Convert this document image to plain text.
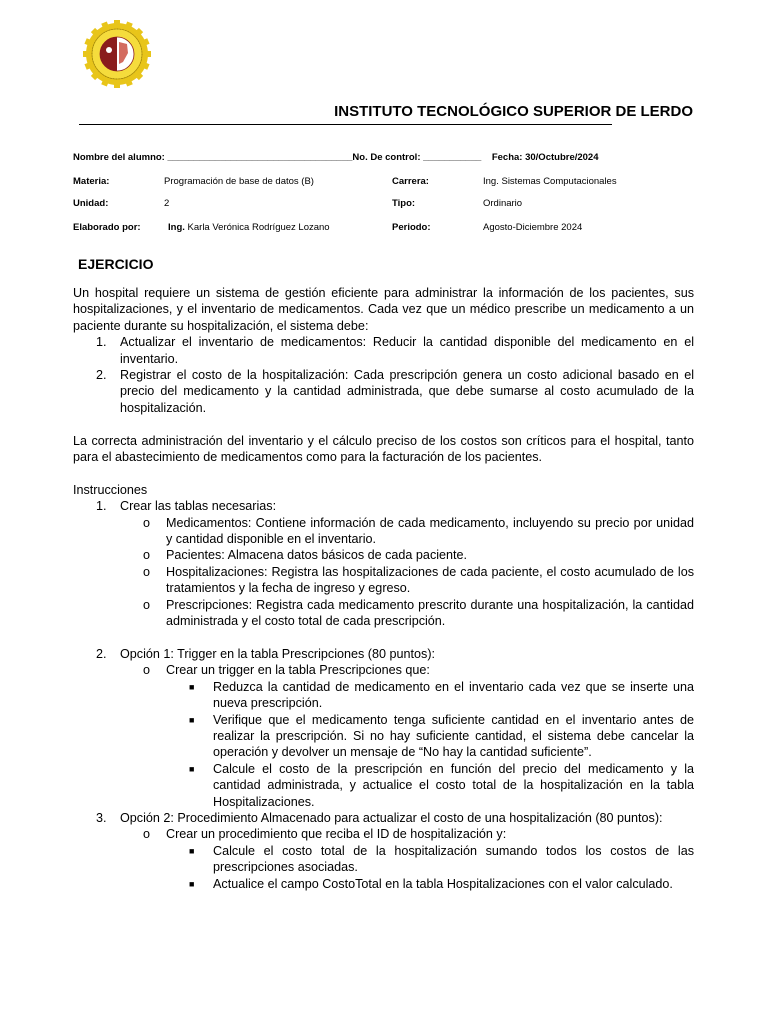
INSTITUTO TECNOLÓGICO SUPERIOR DE LERDO
Nombre del alumno: ___________________________________No. De control: ___________ Fecha: 30/Octubre/2024
Materia:	Programación de base de datos (B)	Carrera:	Ing. Sistemas Computacionales
Unidad:	2	Tipo:	Ordinario
Elaborado por:	Ing. Karla Verónica Rodríguez Lozano	Periodo:	Agosto-Diciembre 2024
EJERCICIO

Un hospital requiere un sistema de gestión eficiente para administrar la información de los pacientes, sus hospitalizaciones, y el inventario de medicamentos. Cada vez que un médico prescribe un medicamento a un paciente durante su hospitalización, el sistema debe:

1. Actualizar el inventario de medicamentos: Reducir la cantidad disponible del medicamento en el inventario.
2. Registrar el costo de la hospitalización: Cada prescripción genera un costo adicional basado en el precio del medicamento y la cantidad administrada, que debe sumarse al costo acumulado de la hospitalización.

La correcta administración del inventario y el cálculo preciso de los costos son críticos para el hospital, tanto para el abastecimiento de medicamentos como para la facturación de los pacientes.

Instrucciones

1. Crear las tablas necesarias:
o Medicamentos: Contiene información de cada medicamento, incluyendo su precio por unidad y cantidad disponible en el inventario.
o Pacientes: Almacena datos básicos de cada paciente.
o Hospitalizaciones: Registra las hospitalizaciones de cada paciente, el costo acumulado de los tratamientos y la fecha de ingreso y egreso.
o Prescripciones: Registra cada medicamento prescrito durante una hospitalización, la cantidad administrada y el costo total de cada prescripción.
2. Opción 1: Trigger en la tabla Prescripciones (80 puntos):
o Crear un trigger en la tabla Prescripciones que:
■ Reduzca la cantidad de medicamento en el inventario cada vez que se inserte una nueva prescripción.
■ Verifique que el medicamento tenga suficiente cantidad en el inventario antes de realizar la prescripción. Si no hay suficiente cantidad, el sistema debe cancelar la operación y devolver un mensaje de “No hay la cantidad suficiente”.
■ Calcule el costo de la prescripción en función del precio del medicamento y la cantidad administrada, y actualice el costo total de la hospitalización en la tabla Hospitalizaciones.
3. Opción 2: Procedimiento Almacenado para actualizar el costo de una hospitalización (80 puntos):
o Crear un procedimiento que reciba el ID de hospitalización y:
■ Calcule el costo total de la hospitalización sumando todos los costos de las prescripciones asociadas.
■ Actualice el campo CostoTotal en la tabla Hospitalizaciones con el valor calculado.
